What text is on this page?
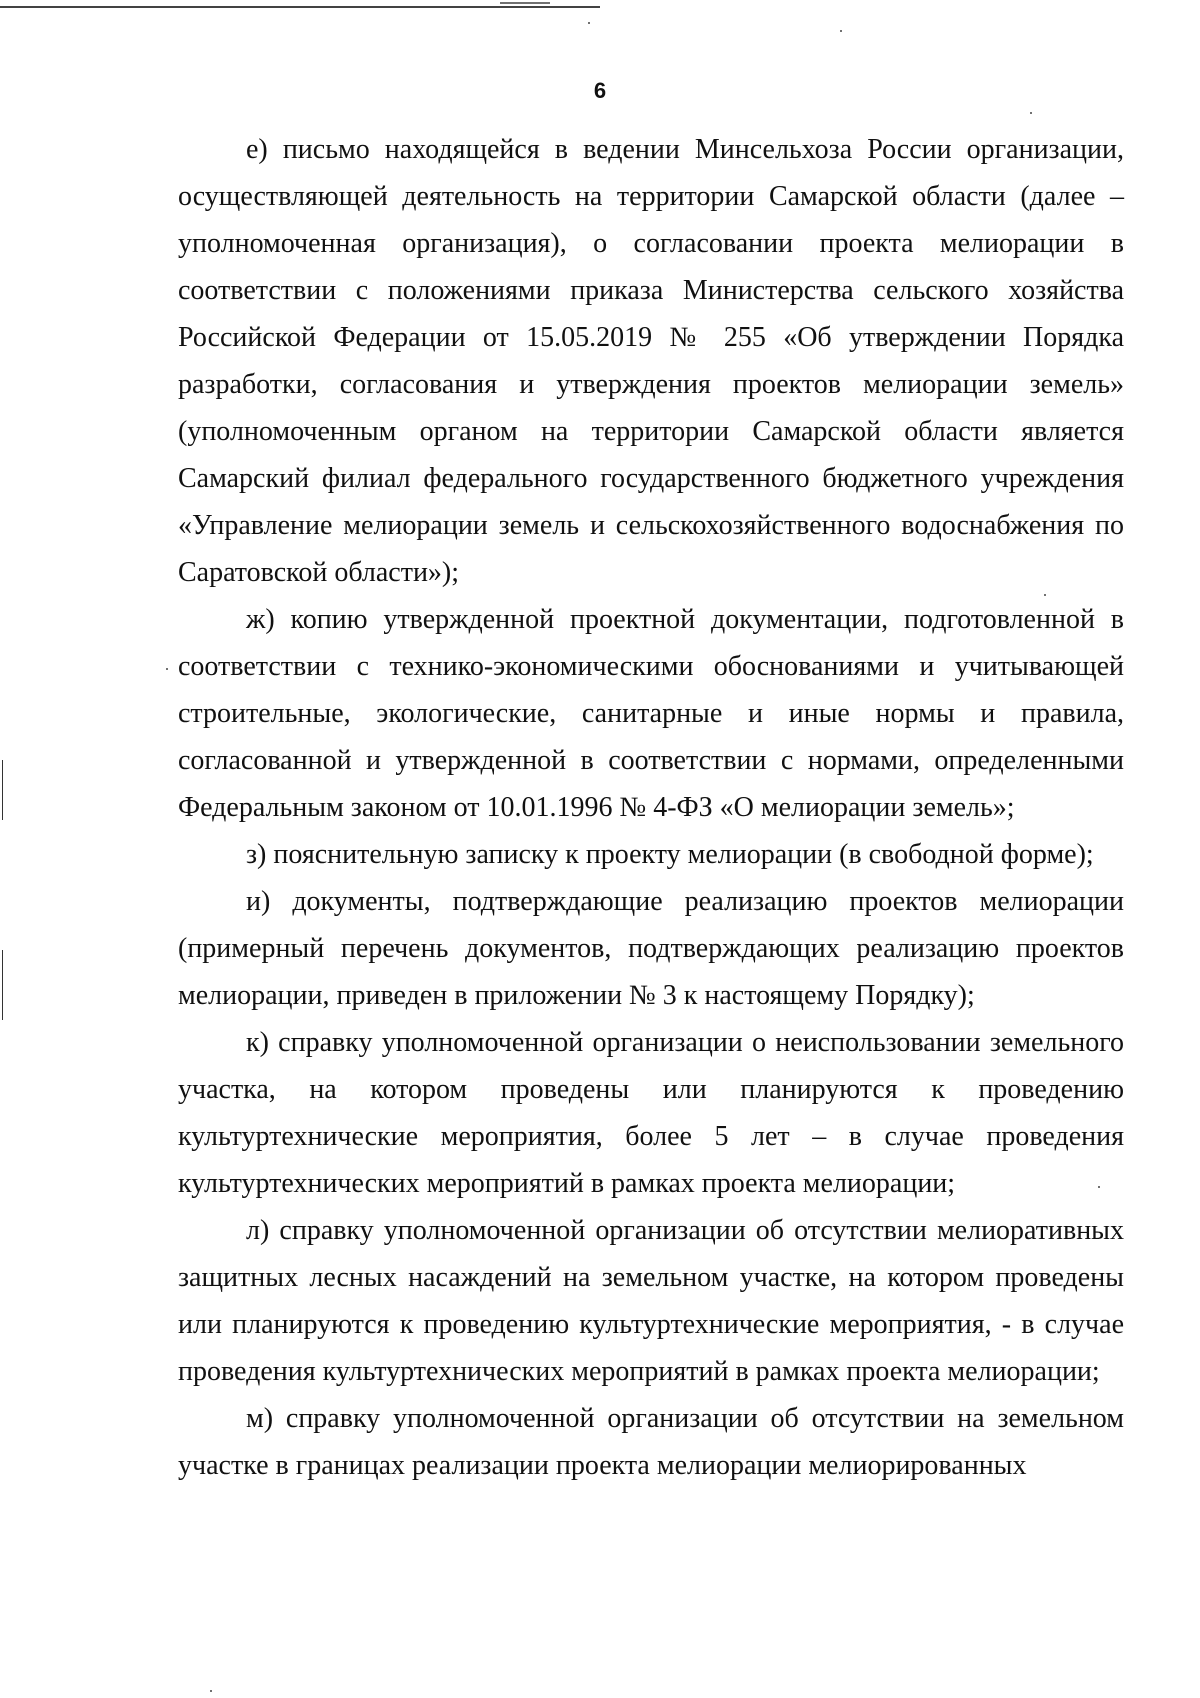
6

е) письмо находящейся в ведении Минсельхоза России организации, осуществляющей деятельность на территории Самарской области (далее – уполномоченная организация), о согласовании проекта мелиорации в соответствии с положениями приказа Министерства сельского хозяйства Российской Федерации от 15.05.2019 № 255 «Об утверждении Порядка разработки, согласования и утверждения проектов мелиорации земель» (уполномоченным органом на территории Самарской области является Самарский филиал федерального государственного бюджетного учреждения «Управление мелиорации земель и сельскохозяйственного водоснабжения по Саратовской области»);

ж) копию утвержденной проектной документации, подготовленной в соответствии с технико-экономическими обоснованиями и учитывающей строительные, экологические, санитарные и иные нормы и правила, согласованной и утвержденной в соответствии с нормами, определенными Федеральным законом от 10.01.1996 № 4-ФЗ «О мелиорации земель»;

з) пояснительную записку к проекту мелиорации (в свободной форме);

и) документы, подтверждающие реализацию проектов мелиорации (примерный перечень документов, подтверждающих реализацию проектов мелиорации, приведен в приложении № 3 к настоящему Порядку);

к) справку уполномоченной организации о неиспользовании земельного участка, на котором проведены или планируются к проведению культуртехнические мероприятия, более 5 лет – в случае проведения культуртехнических мероприятий в рамках проекта мелиорации;

л) справку уполномоченной организации об отсутствии мелиоративных защитных лесных насаждений на земельном участке, на котором проведены или планируются к проведению культуртехнические мероприятия, - в случае проведения культуртехнических мероприятий в рамках проекта мелиорации;

м) справку уполномоченной организации об отсутствии на земельном участке в границах реализации проекта мелиорации мелиорированных
